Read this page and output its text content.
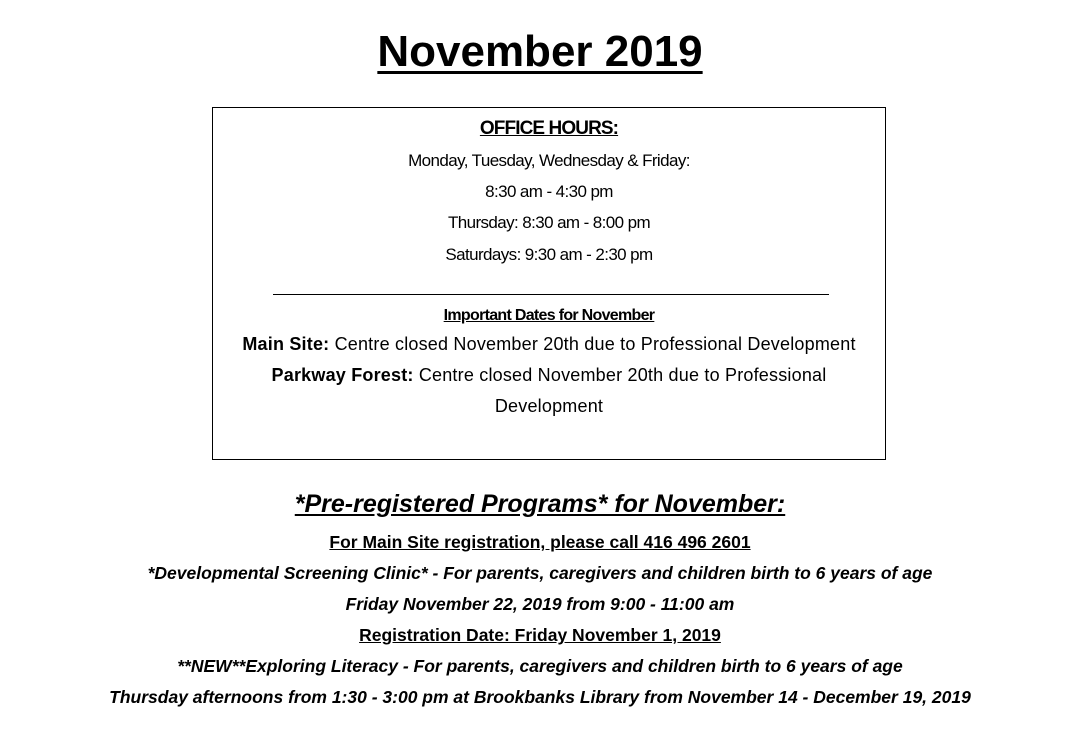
November 2019
OFFICE HOURS:
Monday, Tuesday, Wednesday & Friday:
8:30 am - 4:30 pm
Thursday: 8:30 am - 8:00 pm
Saturdays: 9:30 am - 2:30 pm
Important Dates for November
Main Site: Centre closed November 20th due to Professional Development
Parkway Forest: Centre closed November 20th due to Professional
Development
*Pre-registered Programs* for November:
For Main Site registration, please call 416 496 2601
*Developmental Screening Clinic* - For parents, caregivers and children birth to 6 years of age
Friday November 22, 2019 from 9:00 - 11:00 am
Registration Date: Friday November 1, 2019
**NEW**Exploring Literacy - For parents, caregivers and children birth to 6 years of age
Thursday afternoons from 1:30 - 3:00 pm at Brookbanks Library from November 14 - December 19, 2019
